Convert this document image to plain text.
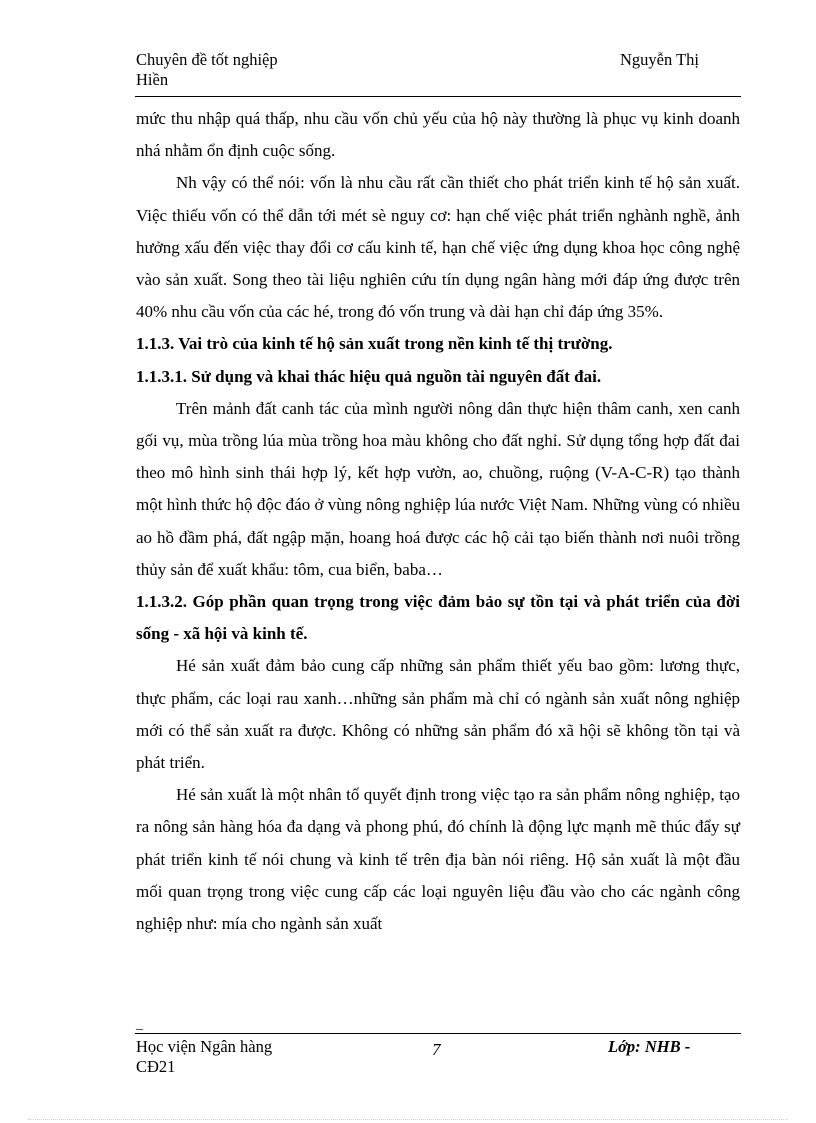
Chuyên đề tốt nghiệp
Hiền
Nguyễn Thị

mức thu nhập quá thấp, nhu cầu vốn chủ yếu của hộ này thường là phục vụ kinh doanh nhá nhằm ổn định cuộc sống.

Nh vậy có thể nói: vốn là nhu cầu rất cần thiết cho phát triển kinh tế hộ sản xuất. Việc thiếu vốn có thể dẫn tới mét sè nguy cơ: hạn chế việc phát triển nghành nghề, ảnh hưởng xấu đến việc thay đổi cơ cấu kinh tế, hạn chế việc ứng dụng khoa học công nghệ vào sản xuất. Song theo tài liệu nghiên cứu tín dụng ngân hàng mới đáp ứng được trên 40% nhu cầu vốn của các hé, trong đó vốn trung và dài hạn chỉ đáp ứng 35%.

1.1.3. Vai trò của kinh tế hộ sản xuất trong nền kinh tế thị trường.

1.1.3.1. Sử dụng và khai thác hiệu quả nguồn tài nguyên đất đai.

Trên mảnh đất canh tác của mình người nông dân thực hiện thâm canh, xen canh gối vụ, mùa trồng lúa mùa trồng hoa màu không cho đất nghỉ. Sử dụng tổng hợp đất đai theo mô hình sinh thái hợp lý, kết hợp vườn, ao, chuồng, ruộng (V-A-C-R) tạo thành một hình thức hộ độc đáo ở vùng nông nghiệp lúa nước Việt Nam. Những vùng có nhiều ao hồ đầm phá, đất ngập mặn, hoang hoá được các hộ cải tạo biến thành nơi nuôi trồng thủy sản để xuất khẩu: tôm, cua biển, baba…

1.1.3.2. Góp phần quan trọng trong việc đảm bảo sự tồn tại và phát triển của đời sống - xã hội và kinh tế.

Hé sản xuất đảm bảo cung cấp những sản phẩm thiết yếu bao gồm: lương thực, thực phẩm, các loại rau xanh…những sản phẩm mà chỉ có ngành sản xuất nông nghiệp mới có thể sản xuất ra được. Không có những sản phẩm đó xã hội sẽ không tồn tại và phát triển.

Hé sản xuất là một nhân tố quyết định trong việc tạo ra sản phẩm nông nghiệp, tạo ra nông sản hàng hóa đa dạng và phong phú, đó chính là động lực mạnh mẽ thúc đẩy sự phát triển kinh tế nói chung và kinh tế trên địa bàn nói riêng. Hộ sản xuất là một đầu mối quan trọng trong việc cung cấp các loại nguyên liệu đầu vào cho các ngành công nghiệp như: mía cho ngành sản xuất

_
Học viện Ngân hàng
CĐ21
7	Lớp: NHB -
